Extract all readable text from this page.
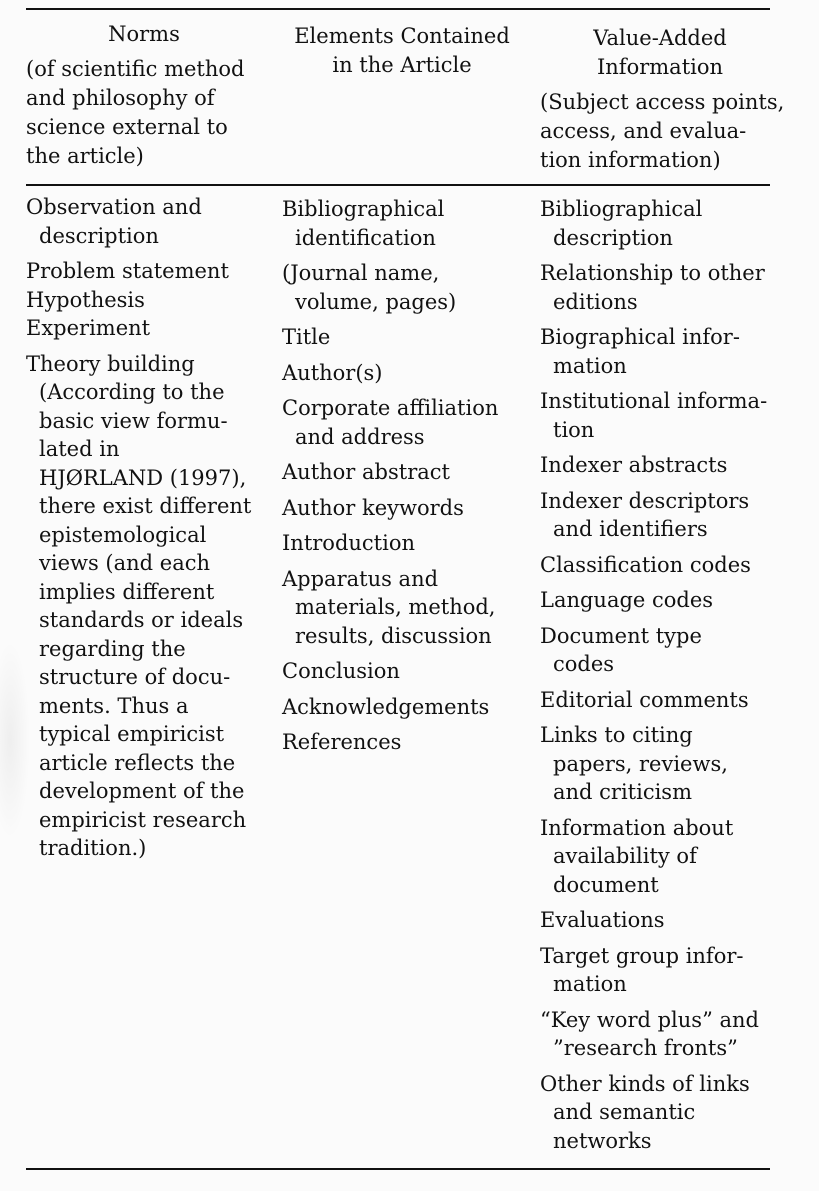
Norms
(of scientific method
and philosophy of
science external to
the article)
Elements Contained
in the Article
Value-Added
Information
(Subject access points,
access, and evalua-
tion information)
Observation and
description
Problem statement
Hypothesis
Experiment
Theory building
(According to the
basic view formu-
lated in
HJØRLAND (1997),
there exist different
epistemological
views (and each
implies different
standards or ideals
regarding the
structure of docu-
ments. Thus a
typical empiricist
article reflects the
development of the
empiricist research
tradition.)
Bibliographical
identification
(Journal name,
volume, pages)
Title
Author(s)
Corporate affiliation
and address
Author abstract
Author keywords
Introduction
Apparatus and
materials, method,
results, discussion
Conclusion
Acknowledgements
References
Bibliographical
description
Relationship to other
editions
Biographical infor-
mation
Institutional informa-
tion
Indexer abstracts
Indexer descriptors
and identifiers
Classification codes
Language codes
Document type
codes
Editorial comments
Links to citing
papers, reviews,
and criticism
Information about
availability of
document
Evaluations
Target group infor-
mation
“Key word plus” and
”research fronts”
Other kinds of links
and semantic
networks
